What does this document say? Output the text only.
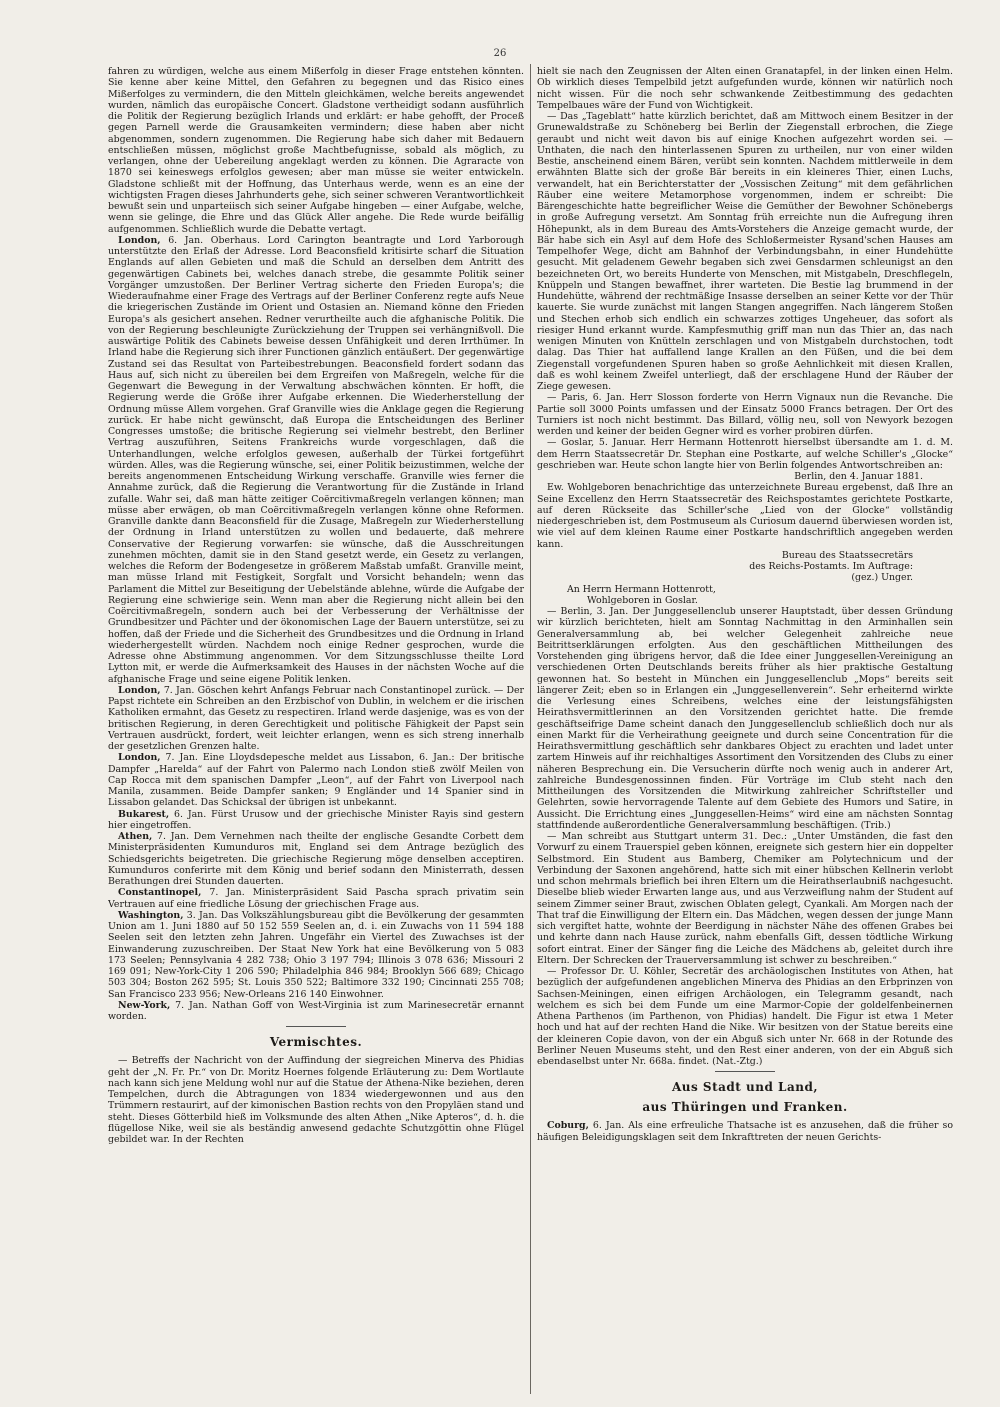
26

fahren zu würdigen, welche aus einem Mißerfolg in dieser Frage entstehen könnten. Sie kenne aber keine Mittel, den Gefahren zu begegnen und das Risico eines Mißerfolges zu vermindern, die den Mitteln gleichkämen, welche bereits angewendet wurden, nämlich das europäische Concert. Gladstone vertheidigt sodann ausführlich die Politik der Regierung bezüglich Irlands und erklärt: er habe gehofft, der Proceß gegen Parnell werde die Grausamkeiten vermindern; diese haben aber nicht abgenommen, sondern zugenommen. Die Regierung habe sich daher mit Bedauern entschließen müssen, möglichst große Machtbefugnisse, sobald als möglich, zu verlangen, ohne der Uebereilung angeklagt werden zu können. Die Agraracte von 1870 sei keineswegs erfolglos gewesen; aber man müsse sie weiter entwickeln. Gladstone schließt mit der Hoffnung, das Unterhaus werde, wenn es an eine der wichtigsten Fragen dieses Jahrhunderts gehe, sich seiner schweren Verantwortlichkeit bewußt sein und unparteiisch sich seiner Aufgabe hingeben — einer Aufgabe, welche, wenn sie gelinge, die Ehre und das Glück Aller angehe. Die Rede wurde beifällig aufgenommen. Schließlich wurde die Debatte vertagt.

London, 6. Jan. Oberhaus. Lord Carington beantragte und Lord Yarborough unterstützte den Erlaß der Adresse. Lord Beaconsfield kritisirte scharf die Situation Englands auf allen Gebieten und maß die Schuld an derselben dem Antritt des gegenwärtigen Cabinets bei, welches danach strebe, die gesammte Politik seiner Vorgänger umzustoßen. Der Berliner Vertrag sicherte den Frieden Europa's; die Wiederaufnahme einer Frage des Vertrags auf der Berliner Conferenz regte aufs Neue die kriegerischen Zustände im Orient und Ostasien an. Niemand könne den Frieden Europa's als gesichert ansehen. Redner verurtheilte auch die afghanische Politik. Die von der Regierung beschleunigte Zurückziehung der Truppen sei verhängnißvoll. Die auswärtige Politik des Cabinets beweise dessen Unfähigkeit und deren Irrthümer. In Irland habe die Regierung sich ihrer Functionen gänzlich entäußert. Der gegenwärtige Zustand sei das Resultat von Parteibestrebungen. Beaconsfield fordert sodann das Haus auf, sich nicht zu übereilen bei dem Ergreifen von Maßregeln, welche für die Gegenwart die Bewegung in der Verwaltung abschwächen könnten. Er hofft, die Regierung werde die Größe ihrer Aufgabe erkennen. Die Wiederherstellung der Ordnung müsse Allem vorgehen. Graf Granville wies die Anklage gegen die Regierung zurück. Er habe nicht gewünscht, daß Europa die Entscheidungen des Berliner Congresses umstoße; die britische Regierung sei vielmehr bestrebt, den Berliner Vertrag auszuführen, Seitens Frankreichs wurde vorgeschlagen, daß die Unterhandlungen, welche erfolglos gewesen, außerhalb der Türkei fortgeführt würden. Alles, was die Regierung wünsche, sei, einer Politik beizustimmen, welche der bereits angenommenen Entscheidung Wirkung verschaffe. Granville wies ferner die Annahme zurück, daß die Regierung die Verantwortung für die Zustände in Irland zufalle. Wahr sei, daß man hätte zeitiger Coërcitivmaßregeln verlangen können; man müsse aber erwägen, ob man Coërcitivmaßregeln verlangen könne ohne Reformen. Granville dankte dann Beaconsfield für die Zusage, Maßregeln zur Wiederherstellung der Ordnung in Irland unterstützen zu wollen und bedauerte, daß mehrere Conservative der Regierung vorwarfen: sie wünsche, daß die Ausschreitungen zunehmen möchten, damit sie in den Stand gesetzt werde, ein Gesetz zu verlangen, welches die Reform der Bodengesetze in größerem Maßstab umfaßt. Granville meint, man müsse Irland mit Festigkeit, Sorgfalt und Vorsicht behandeln; wenn das Parlament die Mittel zur Beseitigung der Uebelstände ablehne, würde die Aufgabe der Regierung eine schwierige sein. Wenn man aber die Regierung nicht allein bei den Coërcitivmaßregeln, sondern auch bei der Verbesserung der Verhältnisse der Grundbesitzer und Pächter und der ökonomischen Lage der Bauern unterstütze, sei zu hoffen, daß der Friede und die Sicherheit des Grundbesitzes und die Ordnung in Irland wiederhergestellt würden. Nachdem noch einige Redner gesprochen, wurde die Adresse ohne Abstimmung angenommen. Vor dem Sitzungsschlusse theilte Lord Lytton mit, er werde die Aufmerksamkeit des Hauses in der nächsten Woche auf die afghanische Frage und seine eigene Politik lenken.

London, 7. Jan. Göschen kehrt Anfangs Februar nach Constantinopel zurück. — Der Papst richtete ein Schreiben an den Erzbischof von Dublin, in welchem er die irischen Katholiken ermahnt, das Gesetz zu respectiren. Irland werde dasjenige, was es von der britischen Regierung, in deren Gerechtigkeit und politische Fähigkeit der Papst sein Vertrauen ausdrückt, fordert, weit leichter erlangen, wenn es sich streng innerhalb der gesetzlichen Grenzen halte.

London, 7. Jan. Eine Lloydsdepesche meldet aus Lissabon, 6. Jan.: Der britische Dampfer „Harelda“ auf der Fahrt von Palermo nach London stieß zwölf Meilen von Cap Rocca mit dem spanischen Dampfer „Leon“, auf der Fahrt von Liverpool nach Manila, zusammen. Beide Dampfer sanken; 9 Engländer und 14 Spanier sind in Lissabon gelandet. Das Schicksal der übrigen ist unbekannt.

Bukarest, 6. Jan. Fürst Urusow und der griechische Minister Rayis sind gestern hier eingetroffen.

Athen, 7. Jan. Dem Vernehmen nach theilte der englische Gesandte Corbett dem Ministerpräsidenten Kumunduros mit, England sei dem Antrage bezüglich des Schiedsgerichts beigetreten. Die griechische Regierung möge denselben acceptiren. Kumunduros conferirte mit dem König und berief sodann den Ministerrath, dessen Berathungen drei Stunden dauerten.

Constantinopel, 7. Jan. Ministerpräsident Said Pascha sprach privatim sein Vertrauen auf eine friedliche Lösung der griechischen Frage aus.

Washington, 3. Jan. Das Volkszählungsbureau gibt die Bevölkerung der gesammten Union am 1. Juni 1880 auf 50 152 559 Seelen an, d. i. ein Zuwachs von 11 594 188 Seelen seit den letzten zehn Jahren. Ungefähr ein Viertel des Zuwachses ist der Einwanderung zuzuschreiben. Der Staat New York hat eine Bevölkerung von 5 083 173 Seelen; Pennsylvania 4 282 738; Ohio 3 197 794; Illinois 3 078 636; Missouri 2 169 091; New-York-City 1 206 590; Philadelphia 846 984; Brooklyn 566 689; Chicago 503 304; Boston 262 595; St. Louis 350 522; Baltimore 332 190; Cincinnati 255 708; San Francisco 233 956; New-Orleans 216 140 Einwohner.

New-York, 7. Jan. Nathan Goff von West-Virginia ist zum Marinesecretär ernannt worden.

Vermischtes.

— Betreffs der Nachricht von der Auffindung der siegreichen Minerva des Phidias geht der „N. Fr. Pr.“ von Dr. Moritz Hoernes folgende Erläuterung zu: Dem Wortlaute nach kann sich jene Meldung wohl nur auf die Statue der Athena-Nike beziehen, deren Tempelchen, durch die Abtragungen von 1834 wiedergewonnen und aus den Trümmern restaurirt, auf der kimonischen Bastion rechts von den Propyläen stand und steht. Dieses Götterbild hieß im Volksmunde des alten Athen „Nike Apteros“, d. h. die flügellose Nike, weil sie als beständig anwesend gedachte Schutzgöttin ohne Flügel gebildet war. In der Rechten

hielt sie nach den Zeugnissen der Alten einen Granatapfel, in der linken einen Helm. Ob wirklich dieses Tempelbild jetzt aufgefunden wurde, können wir natürlich noch nicht wissen. Für die noch sehr schwankende Zeitbestimmung des gedachten Tempelbaues wäre der Fund von Wichtigkeit.

— Das „Tageblatt“ hatte kürzlich berichtet, daß am Mittwoch einem Besitzer in der Grunewaldstraße zu Schöneberg bei Berlin der Ziegenstall erbrochen, die Ziege geraubt und nicht weit davon bis auf einige Knochen aufgezehrt worden sei. — Unthaten, die nach den hinterlassenen Spuren zu urtheilen, nur von einer wilden Bestie, anscheinend einem Bären, verübt sein konnten. Nachdem mittlerweile in dem erwähnten Blatte sich der große Bär bereits in ein kleineres Thier, einen Luchs, verwandelt, hat ein Berichterstatter der „Vossischen Zeitung“ mit dem gefährlichen Räuber eine weitere Metamorphose vorgenommen, indem er schreibt: Die Bärengeschichte hatte begreiflicher Weise die Gemüther der Bewohner Schönebergs in große Aufregung versetzt. Am Sonntag früh erreichte nun die Aufregung ihren Höhepunkt, als in dem Bureau des Amts-Vorstehers die Anzeige gemacht wurde, der Bär habe sich ein Asyl auf dem Hofe des Schloßermeister Rysand'schen Hauses am Tempelhofer Wege, dicht am Bahnhof der Verbindungsbahn, in einer Hundehütte gesucht. Mit geladenem Gewehr begaben sich zwei Gensdarmen schleunigst an den bezeichneten Ort, wo bereits Hunderte von Menschen, mit Mistgabeln, Dreschflegeln, Knüppeln und Stangen bewaffnet, ihrer warteten. Die Bestie lag brummend in der Hundehütte, während der rechtmäßige Insasse derselben an seiner Kette vor der Thür kauerte. Sie wurde zunächst mit langen Stangen angegriffen. Nach längerem Stoßen und Stechen erhob sich endlich ein schwarzes zottiges Ungeheuer, das sofort als riesiger Hund erkannt wurde. Kampfesmuthig griff man nun das Thier an, das nach wenigen Minuten von Knütteln zerschlagen und von Mistgabeln durchstochen, todt dalag. Das Thier hat auffallend lange Krallen an den Füßen, und die bei dem Ziegenstall vorgefundenen Spuren haben so große Aehnlichkeit mit diesen Krallen, daß es wohl keinem Zweifel unterliegt, daß der erschlagene Hund der Räuber der Ziege gewesen.

— Paris, 6. Jan. Herr Slosson forderte von Herrn Vignaux nun die Revanche. Die Partie soll 3000 Points umfassen und der Einsatz 5000 Francs betragen. Der Ort des Turniers ist noch nicht bestimmt. Das Billard, völlig neu, soll von Newyork bezogen werden und keiner der beiden Gegner wird es vorher probiren dürfen.

— Goslar, 5. Januar. Herr Hermann Hottenrott hierselbst übersandte am 1. d. M. dem Herrn Staatssecretär Dr. Stephan eine Postkarte, auf welche Schiller's „Glocke“ geschrieben war. Heute schon langte hier von Berlin folgendes Antwortschreiben an:

Berlin, den 4. Januar 1881.

Ew. Wohlgeboren benachrichtige das unterzeichnete Bureau ergebenst, daß Ihre an Seine Excellenz den Herrn Staatssecretär des Reichspostamtes gerichtete Postkarte, auf deren Rückseite das Schiller'sche „Lied von der Glocke“ vollständig niedergeschrieben ist, dem Postmuseum als Curiosum dauernd überwiesen worden ist, wie viel auf dem kleinen Raume einer Postkarte handschriftlich angegeben werden kann.

Bureau des Staatssecretärs

des Reichs-Postamts. Im Auftrage:

(gez.) Unger.

An Herrn Hermann Hottenrott,

Wohlgeboren in Goslar.

— Berlin, 3. Jan. Der Junggesellenclub unserer Hauptstadt, über dessen Gründung wir kürzlich berichteten, hielt am Sonntag Nachmittag in den Arminhallen sein Generalversammlung ab, bei welcher Gelegenheit zahlreiche neue Beitrittserklärungen erfolgten. Aus den geschäftlichen Mittheilungen des Vorstehenden ging übrigens hervor, daß die Idee einer Junggesellen-Vereinigung an verschiedenen Orten Deutschlands bereits früher als hier praktische Gestaltung gewonnen hat. So besteht in München ein Junggesellenclub „Mops“ bereits seit längerer Zeit; eben so in Erlangen ein „Junggesellenverein“. Sehr erheiternd wirkte die Verlesung eines Schreibens, welches eine der leistungsfähigsten Heirathsvermittlerinnen an den Vorsitzenden gerichtet hatte. Die fremde geschäftseifrige Dame scheint danach den Junggesellenclub schließlich doch nur als einen Markt für die Verheirathung geeignete und durch seine Concentration für die Heirathsvermittlung geschäftlich sehr dankbares Object zu erachten und ladet unter zartem Hinweis auf ihr reichhaltiges Assortiment den Vorsitzenden des Clubs zu einer näheren Besprechung ein. Die Versucherin dürfte noch wenig auch in anderer Art, zahlreiche Bundesgenossinnen finden. Für Vorträge im Club steht nach den Mittheilungen des Vorsitzenden die Mitwirkung zahlreicher Schriftsteller und Gelehrten, sowie hervorragende Talente auf dem Gebiete des Humors und Satire, in Aussicht. Die Errichtung eines „Junggesellen-Heims“ wird eine am nächsten Sonntag stattfindende außerordentliche Generalversammlung beschäftigen. (Trib.)

— Man schreibt aus Stuttgart unterm 31. Dec.: „Unter Umständen, die fast den Vorwurf zu einem Trauerspiel geben können, ereignete sich gestern hier ein doppelter Selbstmord. Ein Student aus Bamberg, Chemiker am Polytechnicum und der Verbindung der Saxonen angehörend, hatte sich mit einer hübschen Kellnerin verlobt und schon mehrmals brieflich bei ihren Eltern um die Heirathserlaubniß nachgesucht. Dieselbe blieb wieder Erwarten lange aus, und aus Verzweiflung nahm der Student auf seinem Zimmer seiner Braut, zwischen Oblaten gelegt, Cyankali. Am Morgen nach der That traf die Einwilligung der Eltern ein. Das Mädchen, wegen dessen der junge Mann sich vergiftet hatte, wohnte der Beerdigung in nächster Nähe des offenen Grabes bei und kehrte dann nach Hause zurück, nahm ebenfalls Gift, dessen tödtliche Wirkung sofort eintrat. Einer der Sänger fing die Leiche des Mädchens ab, geleitet durch ihre Eltern. Der Schrecken der Trauerversammlung ist schwer zu beschreiben.“

— Professor Dr. U. Köhler, Secretär des archäologischen Institutes von Athen, hat bezüglich der aufgefundenen angeblichen Minerva des Phidias an den Erbprinzen von Sachsen-Meiningen, einen eifrigen Archäologen, ein Telegramm gesandt, nach welchem es sich bei dem Funde um eine Marmor-Copie der goldelfenbeinernen Athena Parthenos (im Parthenon, von Phidias) handelt. Die Figur ist etwa 1 Meter hoch und hat auf der rechten Hand die Nike. Wir besitzen von der Statue bereits eine der kleineren Copie davon, von der ein Abguß sich unter Nr. 668 in der Rotunde des Berliner Neuen Museums steht, und den Rest einer anderen, von der ein Abguß sich ebendaselbst unter Nr. 668a. findet. (Nat.-Ztg.)

Aus Stadt und Land,
aus Thüringen und Franken.

Coburg, 6. Jan. Als eine erfreuliche Thatsache ist es anzusehen, daß die früher so häufigen Beleidigungsklagen seit dem Inkrafttreten der neuen Gerichts-
